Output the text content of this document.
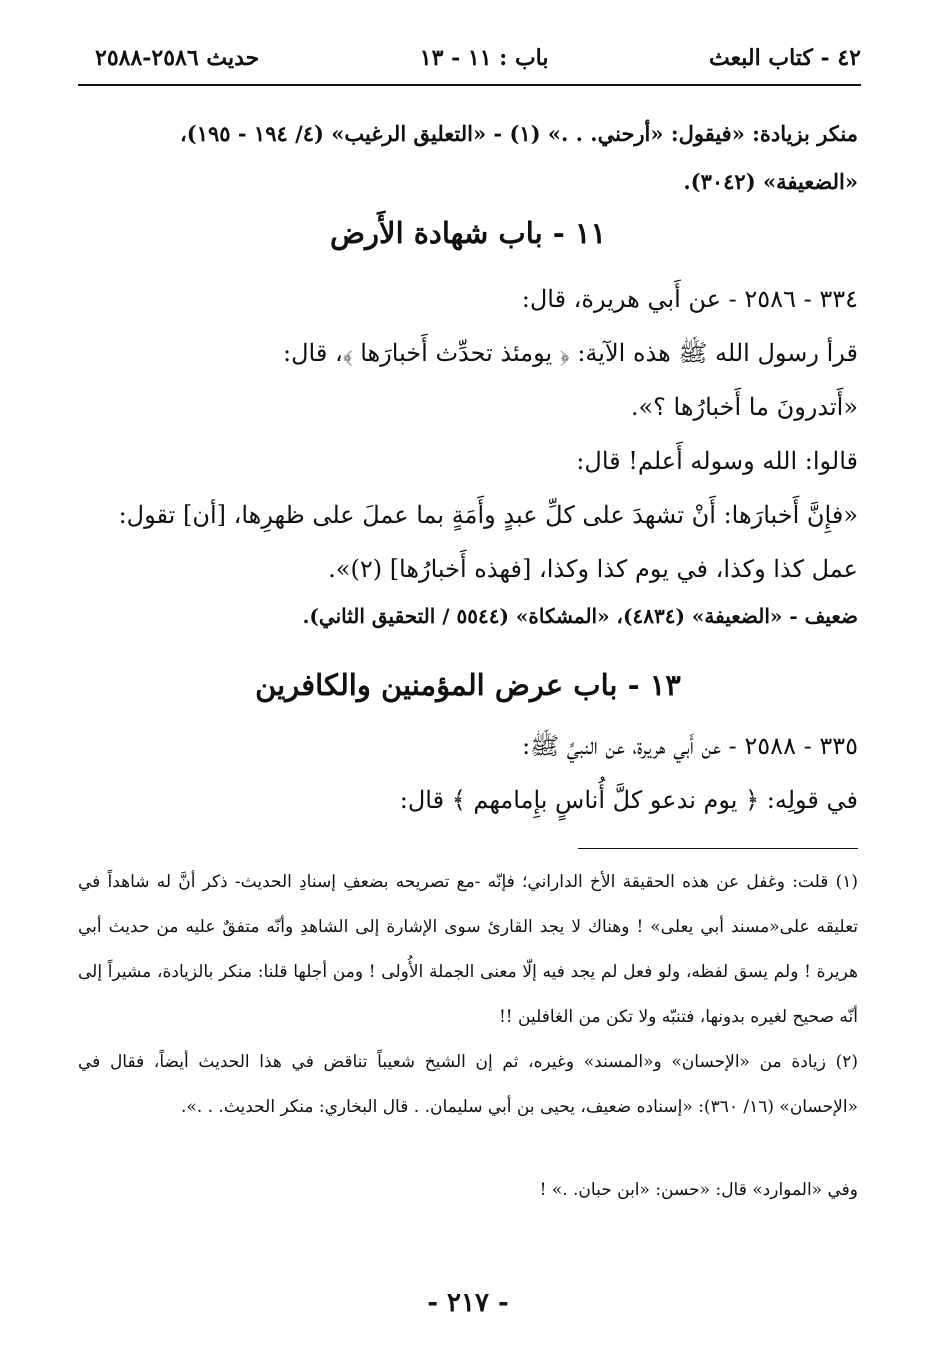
٤٢ - كتاب البعث
باب : ١١ - ١٣
حديث ٢٥٨٦-٢٥٨٨
منكر بزيادة: «فيقول: «أرحني. . .» (١) - «التعليق الرغيب» (٤/ ١٩٤ - ١٩٥)، «الضعيفة» (٣٠٤٢).
١١ - باب شهادة الأَرض
٣٣٤ - ٢٥٨٦ - عن أَبي هريرة، قال:
قرأ رسول الله ﷺ هذه الآية: ﴿ يومئذ تحدِّث أَخبارَها ﴾، قال:
«أَتدرونَ ما أَخبارُها ؟».
قالوا: الله وسوله أَعلم! قال:
«فإِنَّ أَخبارَها: أَنْ تشهدَ على كلِّ عبدٍ وأَمَةٍ بما عملَ على ظهرِها، [أن] تقول: عمل كذا وكذا، في يوم كذا وكذا، [فهذه أَخبارُها] (٢)».
ضعيف - «الضعيفة» (٤٨٣٤)، «المشكاة» (٥٥٤٤ / التحقيق الثاني).
١٣ - باب عرض المؤمنين والكافرين
٣٣٥ - ٢٥٨٨ - عن أَبي هريرة، عن النبيِّ ﷺ:
في قولِه: ﴿ يوم ندعو كلَّ أُناسٍ بإِمامهم ﴾ قال:

(١) قلت: وغفل عن هذه الحقيقة الأخ الداراني؛ فإنّه -مع تصريحه بضعفِ إسنادِ الحديث- ذكر أنَّ له شاهداً في تعليقه على«مسند أبي يعلى» ! وهناك لا يجد القارئ سوى الإشارة إلى الشاهدِ وأنّه متفقٌ عليه من حديث أبي هريرة ! ولم يسق لفظه، ولو فعل لم يجد فيه إلّا معنى الجملة الأُولى ! ومن أجلها قلنا: منكر بالزيادة، مشيراً إلى أنّه صحيح لغيره بدونها، فتنبّه ولا تكن من الغافلين !!

(٢) زيادة من «الإحسان» و«المسند» وغيره، ثم إن الشيخ شعيباً تناقض في هذا الحديث أيضاً، فقال في «الإحسان» (١٦/ ٣٦٠): «إسناده ضعيف، يحيى بن أبي سليمان. . قال البخاري: منكر الحديث. . .».

وفي «الموارد» قال: «حسن: «ابن حبان. .» !
- ٢١٧ -
